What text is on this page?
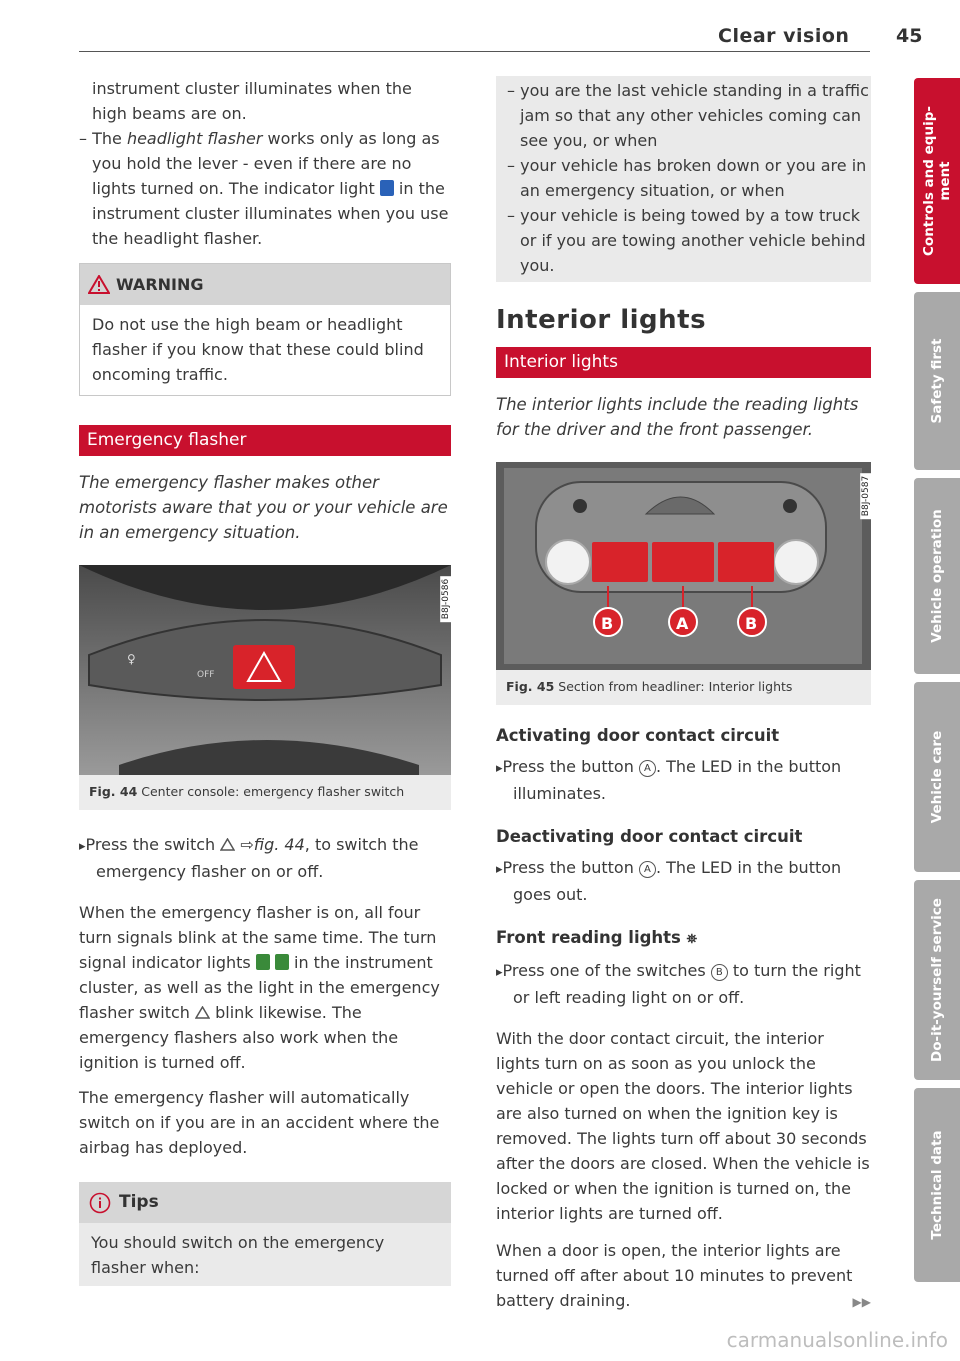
Clear vision 45

instrument cluster illuminates when the high beams are on.

– The headlight flasher works only as long as you hold the lever - even if there are no lights turned on. The indicator light  in the instrument cluster illuminates when you use the headlight flasher.

WARNING

Do not use the high beam or headlight flasher if you know that these could blind oncoming traffic.

Emergency flasher

The emergency flasher makes other motorists aware that you or your vehicle are in an emergency situation.

OFF
♀
B8J-0586

Fig. 44 Center console: emergency flasher switch

▸ Press the switch  ⇨fig. 44, to switch the emergency flasher on or off.

When the emergency flasher is on, all four turn signals blink at the same time. The turn signal indicator lights   in the instrument cluster, as well as the light in the emergency flasher switch  blink likewise. The emergency flashers also work when the ignition is turned off.

The emergency flasher will automatically switch on if you are in an accident where the airbag has deployed.

Tips

You should switch on the emergency flasher when:

– you are the last vehicle standing in a traffic jam so that any other vehicles coming can see you, or when

– your vehicle has broken down or you are in an emergency situation, or when

– your vehicle is being towed by a tow truck or if you are towing another vehicle behind you.

Interior lights
Interior lights

The interior lights include the reading lights for the driver and the front passenger.

B	A	B
B8J-0587

Fig. 45 Section from headliner: Interior lights

Activating door contact circuit

▸ Press the button A . The LED in the button illuminates.

Deactivating door contact circuit

▸ Press the button A . The LED in the button goes out.

Front reading lights ⛯

▸ Press one of the switches B to turn the right or left reading light on or off.

With the door contact circuit, the interior lights turn on as soon as you unlock the vehicle or open the doors. The interior lights are also turned on when the ignition key is removed. The lights turn off about 30 seconds after the doors are closed. When the vehicle is locked or when the ignition is turned on, the interior lights are turned off.

When a door is open, the interior lights are turned off after about 10 minutes to prevent battery draining.	▶▶

Controls and equip- ment
Safety first
Vehicle operation
Vehicle care
Do-it-yourself service
Technical data
carmanualsonline.info
